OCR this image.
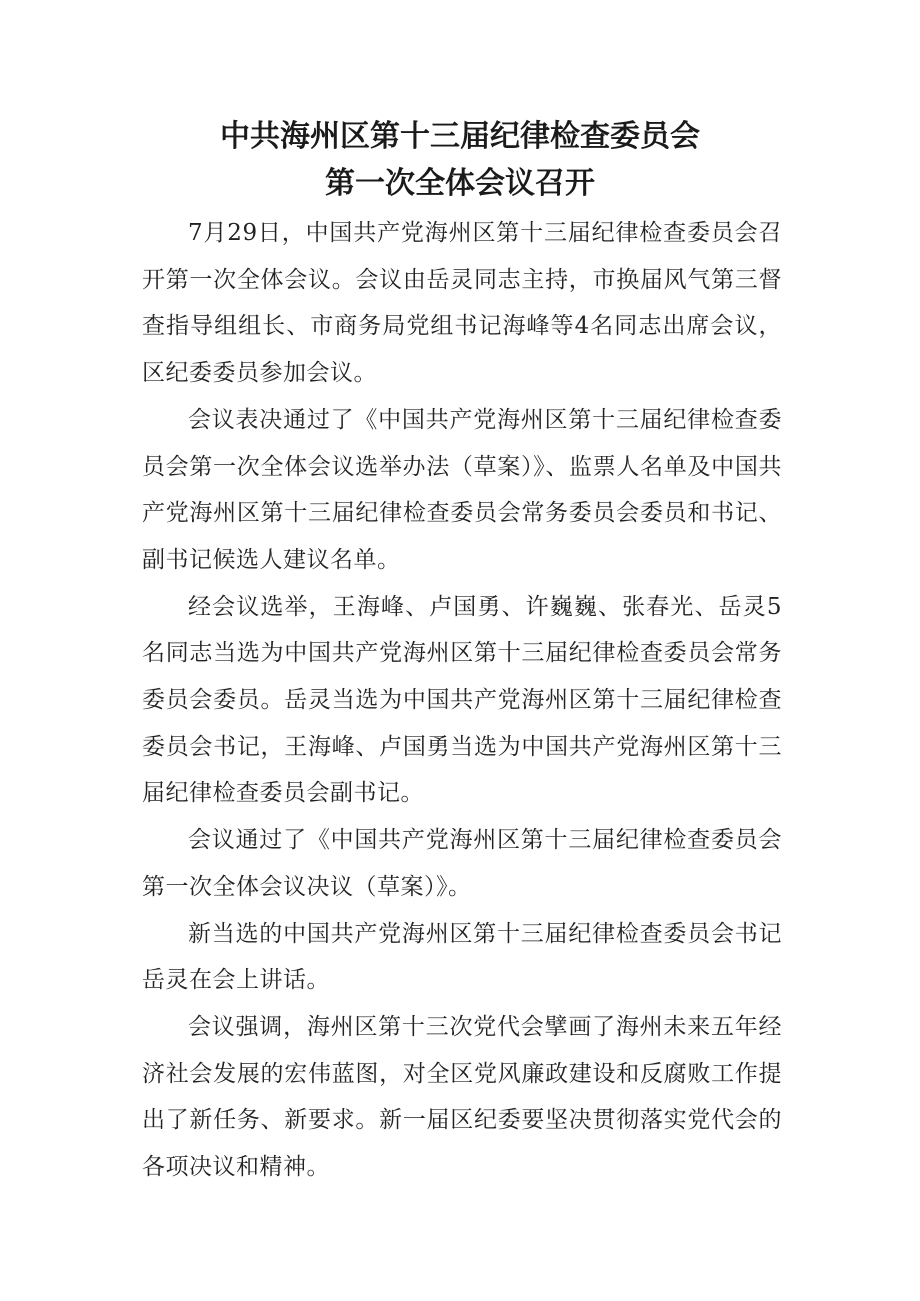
中共海州区第十三届纪律检查委员会
第一次全体会议召开

7月29日，中国共产党海州区第十三届纪律检查委员会召开第一次全体会议。会议由岳灵同志主持，市换届风气第三督查指导组组长、市商务局党组书记海峰等4名同志出席会议，区纪委委员参加会议。

会议表决通过了《中国共产党海州区第十三届纪律检查委员会第一次全体会议选举办法（草案）》、监票人名单及中国共产党海州区第十三届纪律检查委员会常务委员会委员和书记、副书记候选人建议名单。

经会议选举，王海峰、卢国勇、许巍巍、张春光、岳灵5名同志当选为中国共产党海州区第十三届纪律检查委员会常务委员会委员。岳灵当选为中国共产党海州区第十三届纪律检查委员会书记，王海峰、卢国勇当选为中国共产党海州区第十三届纪律检查委员会副书记。

会议通过了《中国共产党海州区第十三届纪律检查委员会第一次全体会议决议（草案）》。

新当选的中国共产党海州区第十三届纪律检查委员会书记岳灵在会上讲话。

会议强调，海州区第十三次党代会擘画了海州未来五年经济社会发展的宏伟蓝图，对全区党风廉政建设和反腐败工作提出了新任务、新要求。新一届区纪委要坚决贯彻落实党代会的各项决议和精神。
